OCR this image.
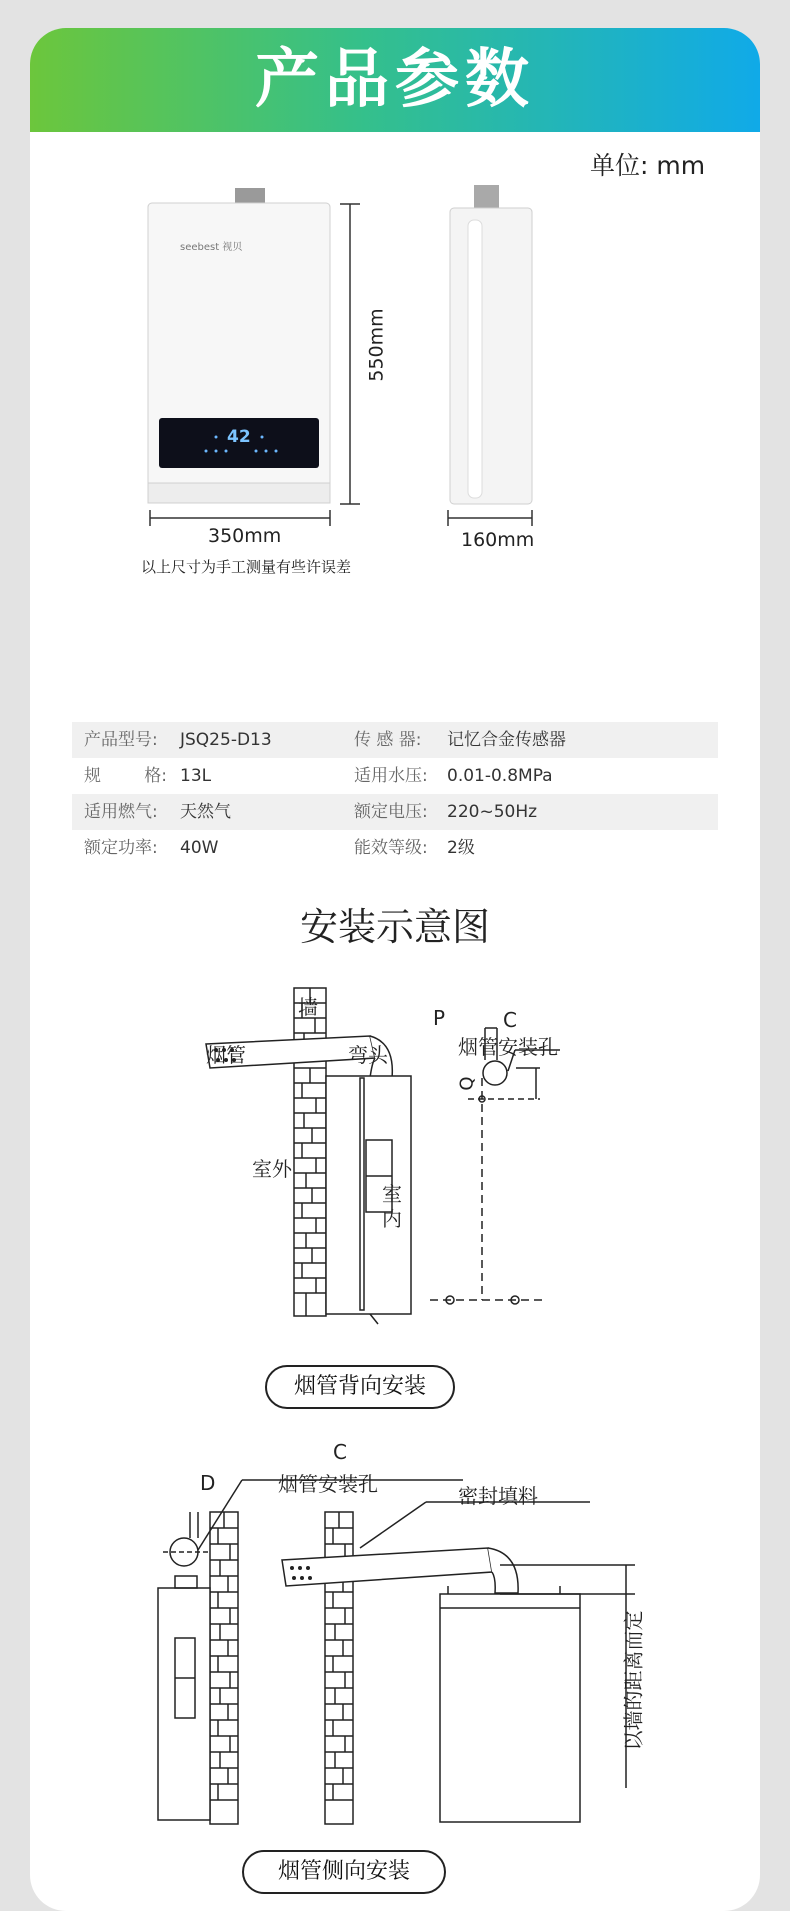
产品参数
单位: mm
seebest 视贝
42
550mm
350mm	160mm
以上尺寸为手工测量有些许误差
产品型号: JSQ25-D13	传 感 器: 记忆合金传感器
规        格: 13L	适用水压: 0.01-0.8MPa
适用燃气: 天然气	额定电压: 220~50Hz
额定功率: 40W	能效等级: 2级
安装示意图
墙
烟管	弯头
室外
室
内
P	C
烟管安装孔
Q
烟管背向安装
C
烟管安装孔
D
密封填料
以墙的距离而定
烟管侧向安装
